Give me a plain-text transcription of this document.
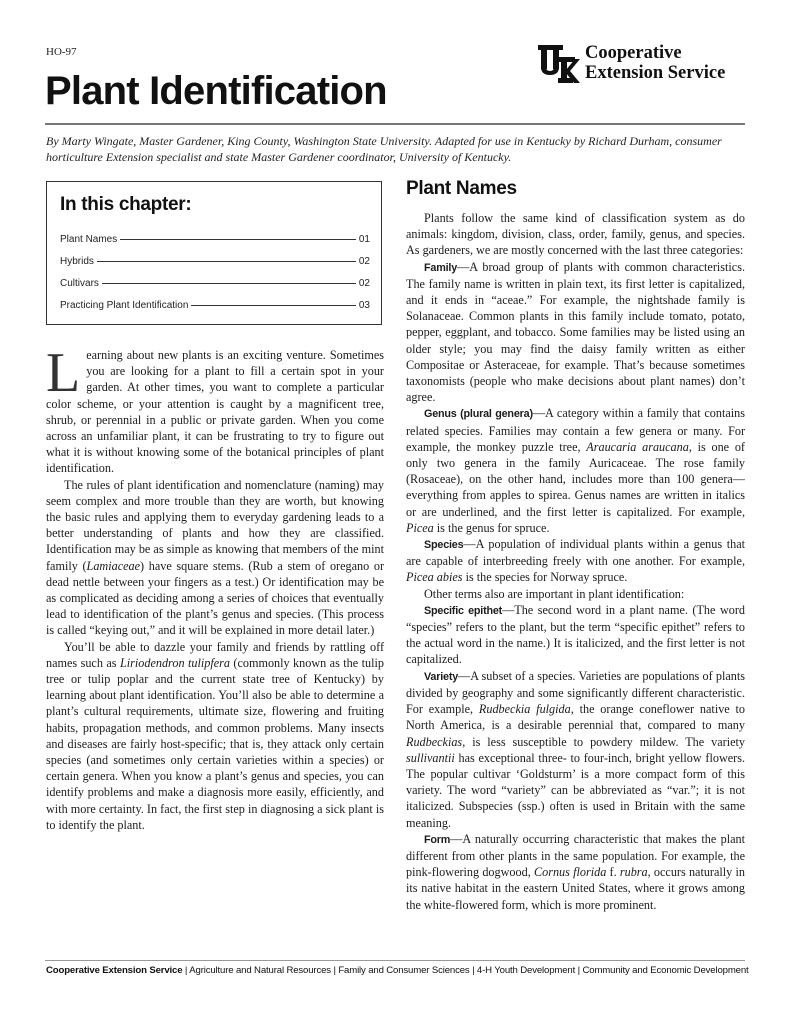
HO-97
Plant Identification
Cooperative
Extension Service

By Marty Wingate, Master Gardener, King County, Washington State University. Adapted for use in Kentucky by Richard Durham, consumer horticulture Extension specialist and state Master Gardener coordinator, University of Kentucky.

In this chapter:
Plant Names	01
Hybrids	02
Cultivars	02
Practicing Plant Identification	03

Learning about new plants is an exciting venture. Sometimes you are looking for a plant to fill a certain spot in your garden. At other times, you want to complete a particular color scheme, or your attention is caught by a magnificent tree, shrub, or perennial in a public or private garden. When you come across an unfamiliar plant, it can be frustrating to try to figure out what it is without knowing some of the botanical principles of plant identification.

The rules of plant identification and nomenclature (naming) may seem complex and more trouble than they are worth, but knowing the basic rules and applying them to everyday gardening leads to a better understanding of plants and how they are classified. Identification may be as simple as knowing that members of the mint family (Lamiaceae) have square stems. (Rub a stem of oregano or dead nettle between your fingers as a test.) Or identification may be as complicated as deciding among a series of choices that eventually lead to identification of the plant’s genus and species. (This process is called “keying out,” and it will be explained in more detail later.)

You’ll be able to dazzle your family and friends by rattling off names such as Liriodendron tulipfera (commonly known as the tulip tree or tulip poplar and the current state tree of Kentucky) by learning about plant identification. You’ll also be able to determine a plant’s cultural requirements, ultimate size, flowering and fruiting habits, propagation methods, and common problems. Many insects and diseases are fairly host-specific; that is, they attack only certain species (and sometimes only certain varieties within a species) or certain genera. When you know a plant’s genus and species, you can identify problems and make a diagnosis more easily, efficiently, and with more certainty. In fact, the first step in diagnosing a sick plant is to identify the plant.

Plant Names

Plants follow the same kind of classification system as do animals: kingdom, division, class, order, family, genus, and species. As gardeners, we are mostly concerned with the last three categories:

Family—A broad group of plants with common characteristics. The family name is written in plain text, its first letter is capitalized, and it ends in “aceae.” For example, the nightshade family is Solanaceae. Common plants in this family include tomato, potato, pepper, eggplant, and tobacco. Some families may be listed using an older style; you may find the daisy family written as either Compositae or Asteraceae, for example. That’s because sometimes taxonomists (people who make decisions about plant names) don’t agree.

Genus (plural genera)—A category within a family that contains related species. Families may contain a few genera or many. For example, the monkey puzzle tree, Araucaria araucana, is one of only two genera in the family Auricaceae. The rose family (Rosaceae), on the other hand, includes more than 100 genera—everything from apples to spirea. Genus names are written in italics or are underlined, and the first letter is capitalized. For example, Picea is the genus for spruce.

Species—A population of individual plants within a genus that are capable of interbreeding freely with one another. For example, Picea abies is the species for Norway spruce.

Other terms also are important in plant identification:

Specific epithet—The second word in a plant name. (The word “species” refers to the plant, but the term “specific epithet” refers to the actual word in the name.) It is italicized, and the first letter is not capitalized.

Variety—A subset of a species. Varieties are populations of plants divided by geography and some significantly different characteristic. For example, Rudbeckia fulgida, the orange coneflower native to North America, is a desirable perennial that, compared to many Rudbeckias, is less susceptible to powdery mildew. The variety sullivantii has exceptional three- to four-inch, bright yellow flowers. The popular cultivar ‘Goldsturm’ is a more compact form of this variety. The word “variety” can be abbreviated as “var.”; it is not italicized. Subspecies (ssp.) often is used in Britain with the same meaning.

Form—A naturally occurring characteristic that makes the plant different from other plants in the same population. For example, the pink-flowering dogwood, Cornus florida f. rubra, occurs naturally in its native habitat in the eastern United States, where it grows among the white-flowered form, which is more prominent.

Cooperative Extension Service | Agriculture and Natural Resources | Family and Consumer Sciences | 4-H Youth Development | Community and Economic Development
